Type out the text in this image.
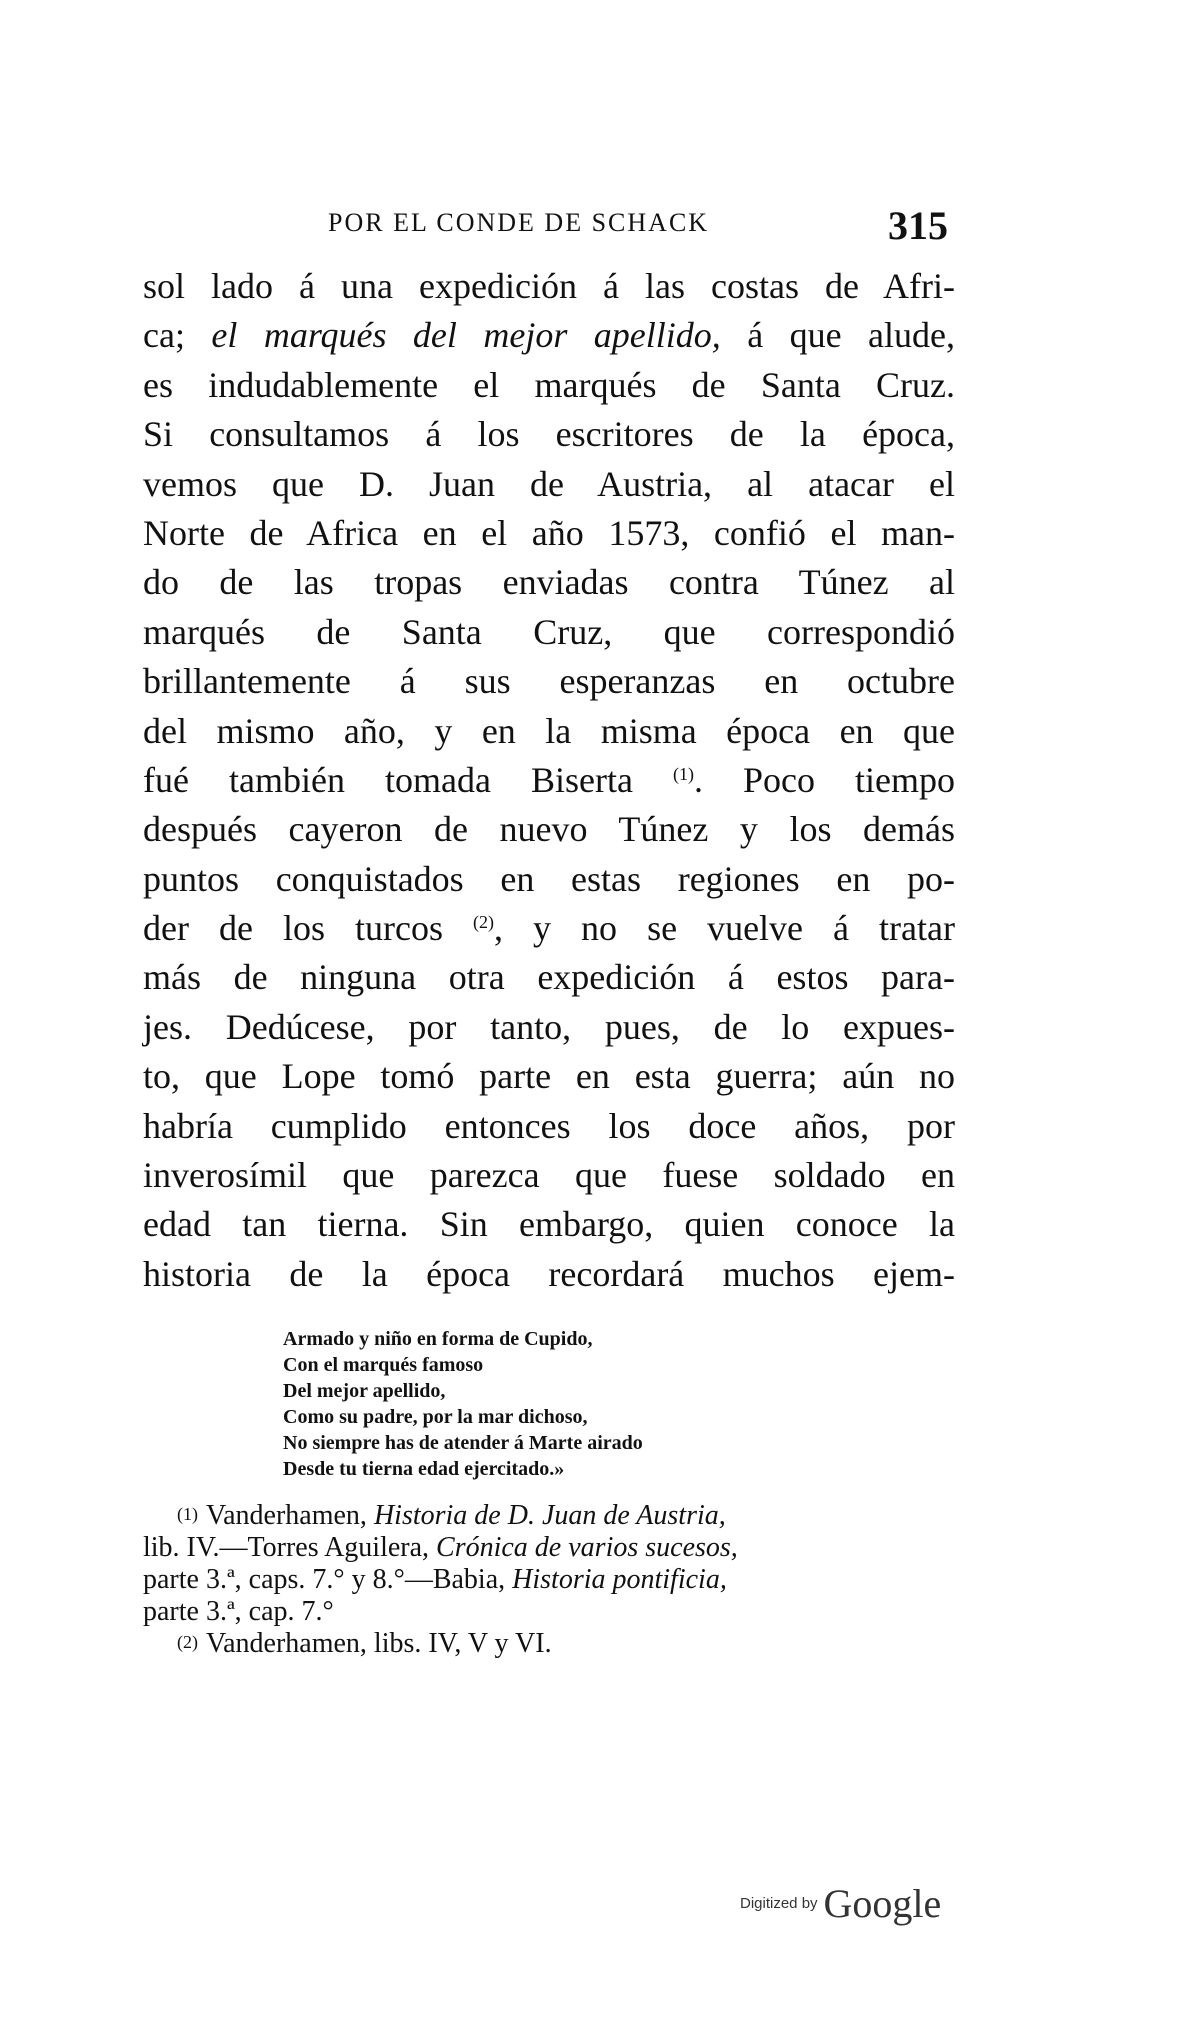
POR EL CONDE DE SCHACK	315
sol lado á una expedición á las costas de Afri-
ca; el marqués del mejor apellido, á que alude,
es indudablemente el marqués de Santa Cruz.
Si consultamos á los escritores de la época,
vemos que D. Juan de Austria, al atacar el
Norte de Africa en el año 1573, confió el man-
do de las tropas enviadas contra Túnez al
marqués de Santa Cruz, que correspondió
brillantemente á sus esperanzas en octubre
del mismo año, y en la misma época en que
fué también tomada Biserta $^{(1)}$. Poco tiempo
después cayeron de nuevo Túnez y los demás
puntos conquistados en estas regiones en po-
der de los turcos $^{(2)}$, y no se vuelve á tratar
más de ninguna otra expedición á estos para-
jes. Dedúcese, por tanto, pues, de lo expues-
to, que Lope tomó parte en esta guerra; aún no
habría cumplido entonces los doce años, por
inverosímil que parezca que fuese soldado en
edad tan tierna. Sin embargo, quien conoce la
historia de la época recordará muchos ejem-
Armado y niño en forma de Cupido,
Con el marqués famoso
Del mejor apellido,
Como su padre, por la mar dichoso,
No siempre has de atender á Marte airado
Desde tu tierna edad ejercitado.»
(1) Vanderhamen, Historia de D. Juan de Austria,
lib. IV.—Torres Aguilera, Crónica de varios sucesos,
parte 3.ª, caps. 7.° y 8.°—Babia, Historia pontificia,
parte 3.ª, cap. 7.°
(2) Vanderhamen, libs. IV, V y VI.
Digitized by Google
